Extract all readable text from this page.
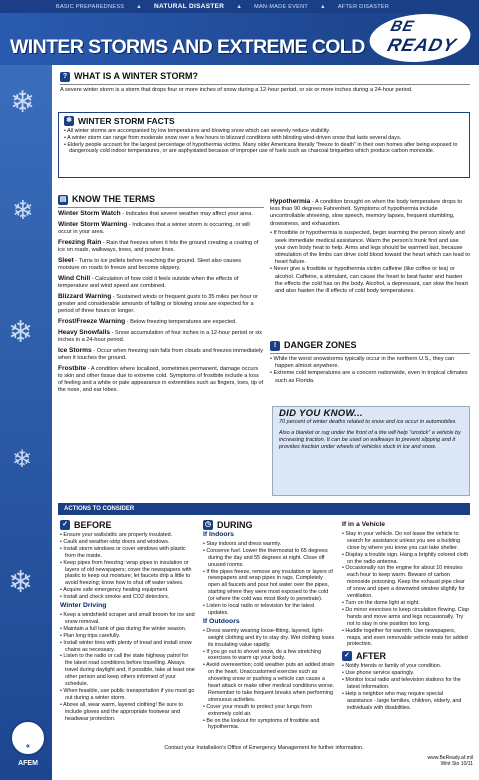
BASIC PREPAREDNESS ▲ NATURAL DISASTER ▲ MAN-MADE EVENT ▲ AFTER DISASTER
WINTER STORMS AND EXTREME COLD
BE
READY
❄
❄
❄
❄
❄
? WHAT IS A WINTER STORM?

A severe winter storm is a storm that drops four or more inches of snow during a 12-hour period, or six or more inches during a 24-hour period.

❄ WINTER STORM FACTS
• All winter storms are accompanied by low temperatures and blowing snow which can severely reduce visibility.
• A winter storm can range from moderate snow over a few hours to blizzard conditions with blinding wind-driven snow that lasts several days.
• Elderly people account for the largest percentage of hypothermia victims. Many older Americans literally "freeze to death" in their own homes after being exposed to dangerously cold indoor temperatures, or are asphyxiated because of improper use of fuels such as charcoal briquettes which produce carbon monoxide.
▤ KNOW THE TERMS

Winter Storm Watch - Indicates that severe weather may affect your area.

Winter Storm Warning - Indicates that a winter storm is occurring, or will occur in your area.

Freezing Rain - Rain that freezes when it hits the ground creating a coating of ice on roads, walkways, trees, and power lines.

Sleet - Turns to ice pellets before reaching the ground. Sleet also causes moisture on roads to freeze and become slippery.

Wind Chill - Calculation of how cold it feels outside when the effects of temperature and wind speed are combined.

Blizzard Warning - Sustained winds or frequent gusts to 35 miles per hour or greater and considerable amounts of falling or blowing snow are expected for a period of three hours or longer.

Frost/Freeze Warning - Below freezing temperatures are expected.

Heavy Snowfalls - Snow accumulation of four inches in a 12-hour period or six inches in a 24-hour period.

Ice Storms - Occur when freezing rain falls from clouds and freezes immediately when it touches the ground.

Frostbite - A condition where localized, sometimes permanent, damage occurs to skin and other tissue due to extreme cold. Symptoms of frostbite include a loss of feeling and a white or pale appearance in extremities such as fingers, toes, tip of the nose, and ear lobes.

Hypothermia - A condition brought on when the body temperature drops to less than 90 degrees Fahrenheit. Symptoms of hypothermia include uncontrollable shivering, slow speech, memory lapses, frequent stumbling, drowsiness, and exhaustion.

• If frostbite or hypothermia is suspected, begin warming the person slowly and seek immediate medical assistance. Warm the person's trunk first and use your own body heat to help. Arms and legs should be warmed last, because stimulation of the limbs can drive cold blood toward the heart which can lead to heart failure.
• Never give a frostbite or hypothermia victim caffeine (like coffee or tea) or alcohol. Caffeine, a stimulant, can cause the heart to beat faster and hasten the effects the cold has on the body. Alcohol, a depressant, can slow the heart and also hasten the ill effects of cold body temperatures.
! DANGER ZONES
• While the worst snowstorms typically occur in the northern U.S., they can happen almost anywhere.
• Extreme cold temperatures are a concern nationwide, even in tropical climates such as Florida.
DID YOU KNOW...

70 percent of winter deaths related to snow and ice occur in automobiles.

Also a blanket or rug under the front of a tire will help "unstick" a vehicle by increasing traction. It can be used on walkways to prevent slipping and it provides traction under wheels of vehicles stuck in ice and snow.

ACTIONS TO CONSIDER
✓ BEFORE
• Ensure your walls/attic are properly insulated.
• Caulk and weather-strip doors and windows.
• Install storm windows or cover windows with plastic from the inside.
• Keep pipes from freezing: wrap pipes in insulation or layers of old newspapers; cover the newspapers with plastic to keep out moisture; let faucets drip a little to avoid freezing; know how to shut off water valves.
• Acquire safe emergency heating equipment.
• Install and check smoke and CO2 detectors.
Winter Driving
• Keep a windshield scraper and small broom for ice and snow removal.
• Maintain a full tank of gas during the winter season.
• Plan long trips carefully.
• Install winter tires with plenty of tread and install snow chains as necessary.
• Listen to the radio or call the state highway patrol for the latest road conditions before travelling. Always travel during daylight and, if possible, take at least one other person and keep others informed of your schedule.
• When feasible, use public transportation if you must go out during a winter storm.
• Above all, wear warm, layered clothing! Be sure to include gloves and the appropriate footwear and headwear protection.
◷ DURING
If Indoors
• Stay indoors and dress warmly.
• Conserve fuel. Lower the thermostat to 65 degrees during the day and 55 degrees at night. Close off unused rooms.
• If the pipes freeze, remove any insulation or layers of newspapers and wrap pipes in rags. Completely open all faucets and pour hot water over the pipes, starting where they were most exposed to the cold (or where the cold was most likely to penetrate).
• Listen to local radio or television for the latest updates.
If Outdoors
• Dress warmly wearing loose-fitting, layered, light-weight clothing and try to stay dry. Wet clothing loses its insulating value rapidly.
• If you go out to shovel snow, do a few stretching exercises to warm up your body.
• Avoid overexertion; cold weather puts an added strain on the heart. Unaccustomed exercise such as shoveling snow or pushing a vehicle can cause a heart attack or make other medical conditions worse. Remember to take frequent breaks when performing strenuous activities.
• Cover your mouth to protect your lungs from extremely cold air.
• Be on the lookout for symptoms of frostbite and hypothermia.
If in a Vehicle
• Stay in your vehicle. Do not leave the vehicle to search for assistance unless you see a building close by where you know you can take shelter.
• Display a trouble sign. Hang a brightly colored cloth on the radio antenna.
• Occasionally run the engine for about 10 minutes each hour to keep warm. Beware of carbon monoxide poisoning. Keep the exhaust pipe clear of snow and open a downwind window slightly for ventilation.
• Turn on the dome light at night.
• Do minor exercises to keep circulation flowing. Clap hands and move arms and legs occasionally. Try not to stay in one position too long.
• Huddle together for warmth. Use newspapers, maps, and even removable vehicle mats for added protection.
✓ AFTER
• Notify friends or family of your condition.
• Use phone service sparingly.
• Monitor local radio and television stations for the latest information.
• Help a neighbor who may require special assistance - large families, children, elderly, and individuals with disabilities.
✈
AFEM
Contact your Installation's Office of Emergency Management for further information.
www.BeReady.af.mil
Wint Sto 10/11
